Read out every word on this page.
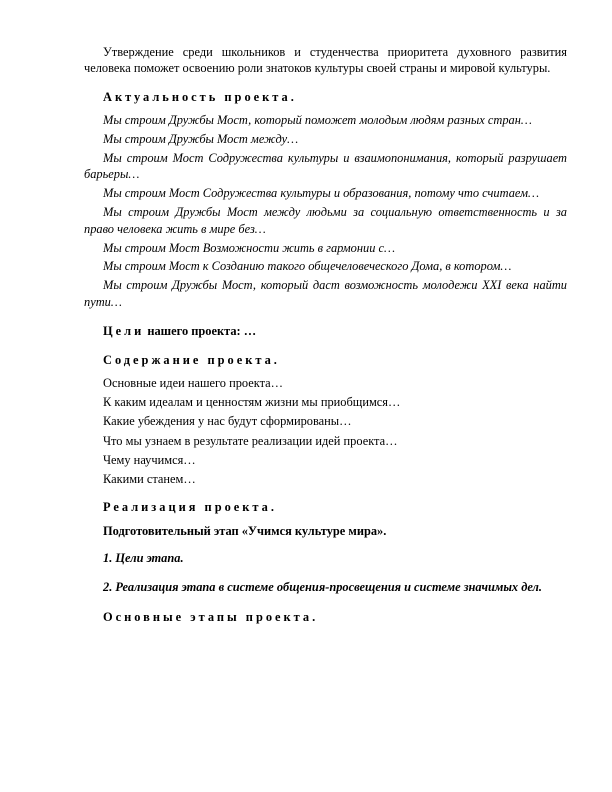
Утверждение среди школьников и студенчества приоритета духовного развития человека поможет освоению роли знатоков культуры своей страны и мировой культуры.

Актуальность проекта.

Мы строим Дружбы Мост, который поможет молодым людям разных стран…

Мы строим Дружбы Мост между…

Мы строим Мост Содружества культуры и взаимопонимания, который разрушает барьеры…

Мы строим Мост Содружества культуры и образования, потому что считаем…

Мы строим Дружбы Мост между людьми за социальную ответственность и за право человека жить в мире без…

Мы строим Мост Возможности жить в гармонии с…

Мы строим Мост к Созданию такого общечеловеческого Дома, в котором…

Мы строим Дружбы Мост, который даст возможность молодежи XXI века найти пути…

Цели нашего проекта: …

Содержание проекта.

Основные идеи нашего проекта…

К каким идеалам и ценностям жизни мы приобщимся…

Какие убеждения у нас будут сформированы…

Что мы узнаем в результате реализации идей проекта…

Чему научимся…

Какими станем…

Реализация проекта.

Подготовительный этап «Учимся культуре мира».

1. Цели этапа.

2. Реализация этапа в системе общения-просвещения и системе значимых дел.

Основные этапы проекта.
